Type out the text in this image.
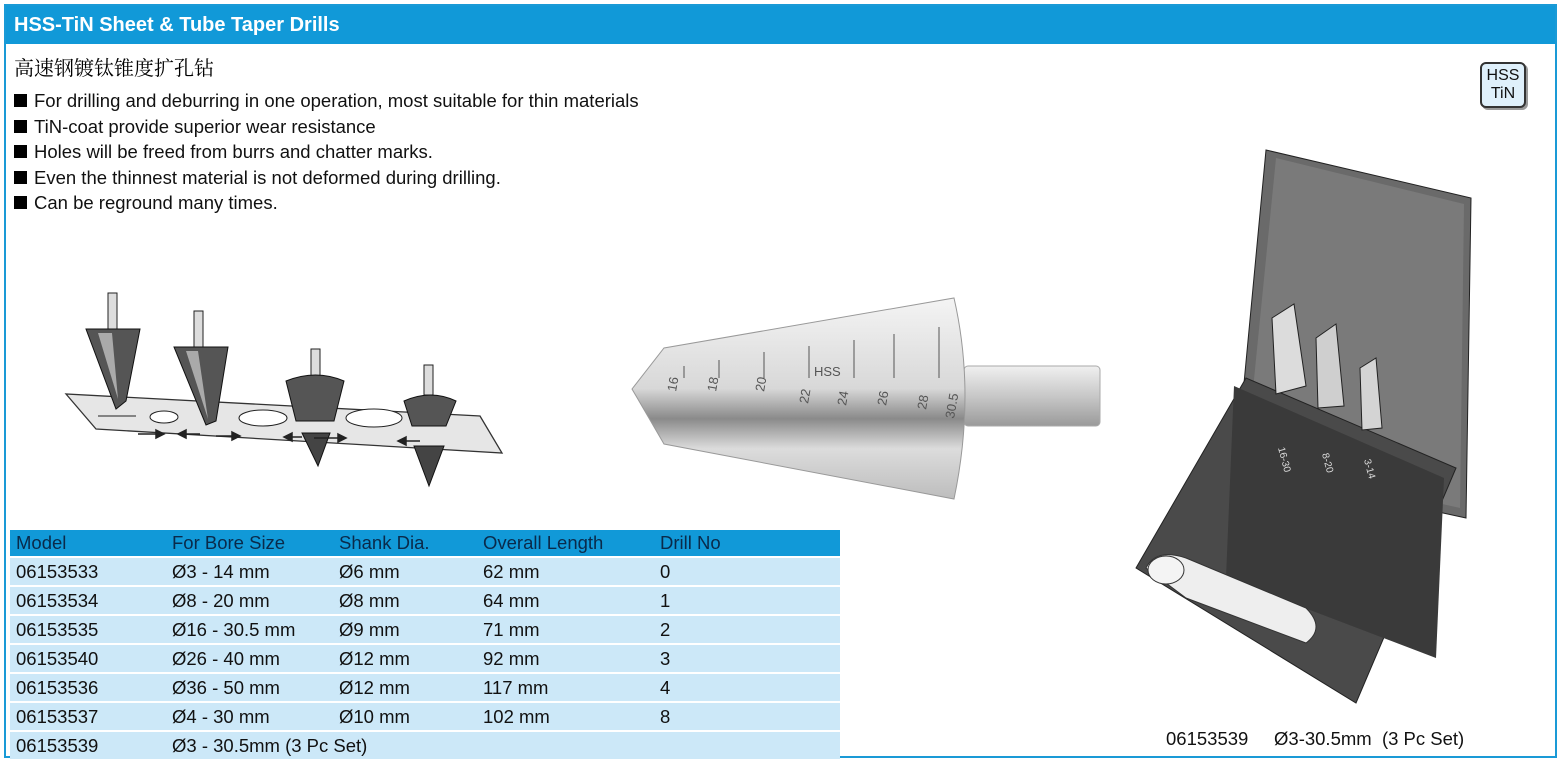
HSS-TiN Sheet & Tube Taper Drills
高速钢镀钛锥度扩孔钻
For drilling and deburring in one operation, most suitable for thin materials
TiN-coat provide superior wear resistance
Holes will be freed from burrs and chatter marks.
Even the thinnest material is not deformed during drilling.
Can be reground many times.
HSS
TiN
16 18 20
HSS
22 24 26 28 30.5
16-30	8-20	3-14
Model	For Bore Size	Shank Dia.	Overall Length	Drill No
06153533	Ø3 - 14 mm	Ø6 mm	62 mm	0
06153534	Ø8 - 20 mm	Ø8 mm	64 mm	1
06153535	Ø16 - 30.5 mm	Ø9 mm	71 mm	2
06153540	Ø26 - 40 mm	Ø12 mm	92 mm	3
06153536	Ø36 - 50 mm	Ø12 mm	117 mm	4
06153537	Ø4 - 30 mm	Ø10 mm	102 mm	8
06153539	Ø3 - 30.5mm (3 Pc Set)				06153539 Ø3-30.5mm  (3 Pc Set)
